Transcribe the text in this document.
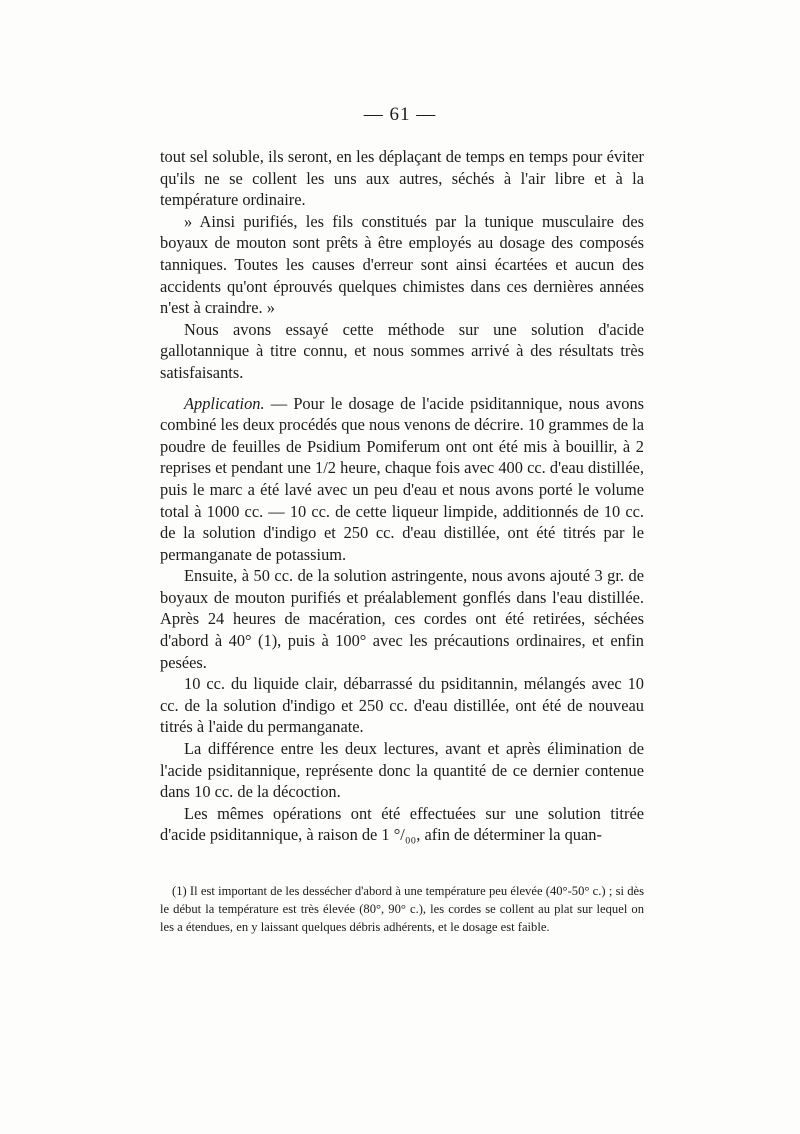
— 61 —

tout sel soluble, ils seront, en les déplaçant de temps en temps pour éviter qu'ils ne se collent les uns aux autres, séchés à l'air libre et à la température ordinaire.

» Ainsi purifiés, les fils constitués par la tunique musculaire des boyaux de mouton sont prêts à être employés au dosage des composés tanniques. Toutes les causes d'erreur sont ainsi écartées et aucun des accidents qu'ont éprouvés quelques chimistes dans ces dernières années n'est à craindre. »

Nous avons essayé cette méthode sur une solution d'acide gallotannique à titre connu, et nous sommes arrivé à des résultats très satisfaisants.

Application. — Pour le dosage de l'acide psiditannique, nous avons combiné les deux procédés que nous venons de décrire. 10 grammes de la poudre de feuilles de Psidium Pomiferum ont ont été mis à bouillir, à 2 reprises et pendant une 1/2 heure, chaque fois avec 400 cc. d'eau distillée, puis le marc a été lavé avec un peu d'eau et nous avons porté le volume total à 1000 cc. — 10 cc. de cette liqueur limpide, additionnés de 10 cc. de la solution d'indigo et 250 cc. d'eau distillée, ont été titrés par le permanganate de potassium.

Ensuite, à 50 cc. de la solution astringente, nous avons ajouté 3 gr. de boyaux de mouton purifiés et préalablement gonflés dans l'eau distillée. Après 24 heures de macération, ces cordes ont été retirées, séchées d'abord à 40° (1), puis à 100° avec les précautions ordinaires, et enfin pesées.

10 cc. du liquide clair, débarrassé du psiditannin, mélangés avec 10 cc. de la solution d'indigo et 250 cc. d'eau distillée, ont été de nouveau titrés à l'aide du permanganate.

La différence entre les deux lectures, avant et après élimination de l'acide psiditannique, représente donc la quantité de ce dernier contenue dans 10 cc. de la décoction.

Les mêmes opérations ont été effectuées sur une solution titrée d'acide psiditannique, à raison de 1 °/₀₀, afin de déterminer la quan-

(1) Il est important de les dessécher d'abord à une température peu élevée (40°-50° c.) ; si dès le début la température est très élevée (80°, 90° c.), les cordes se collent au plat sur lequel on les a étendues, en y laissant quelques débris adhérents, et le dosage est faible.
